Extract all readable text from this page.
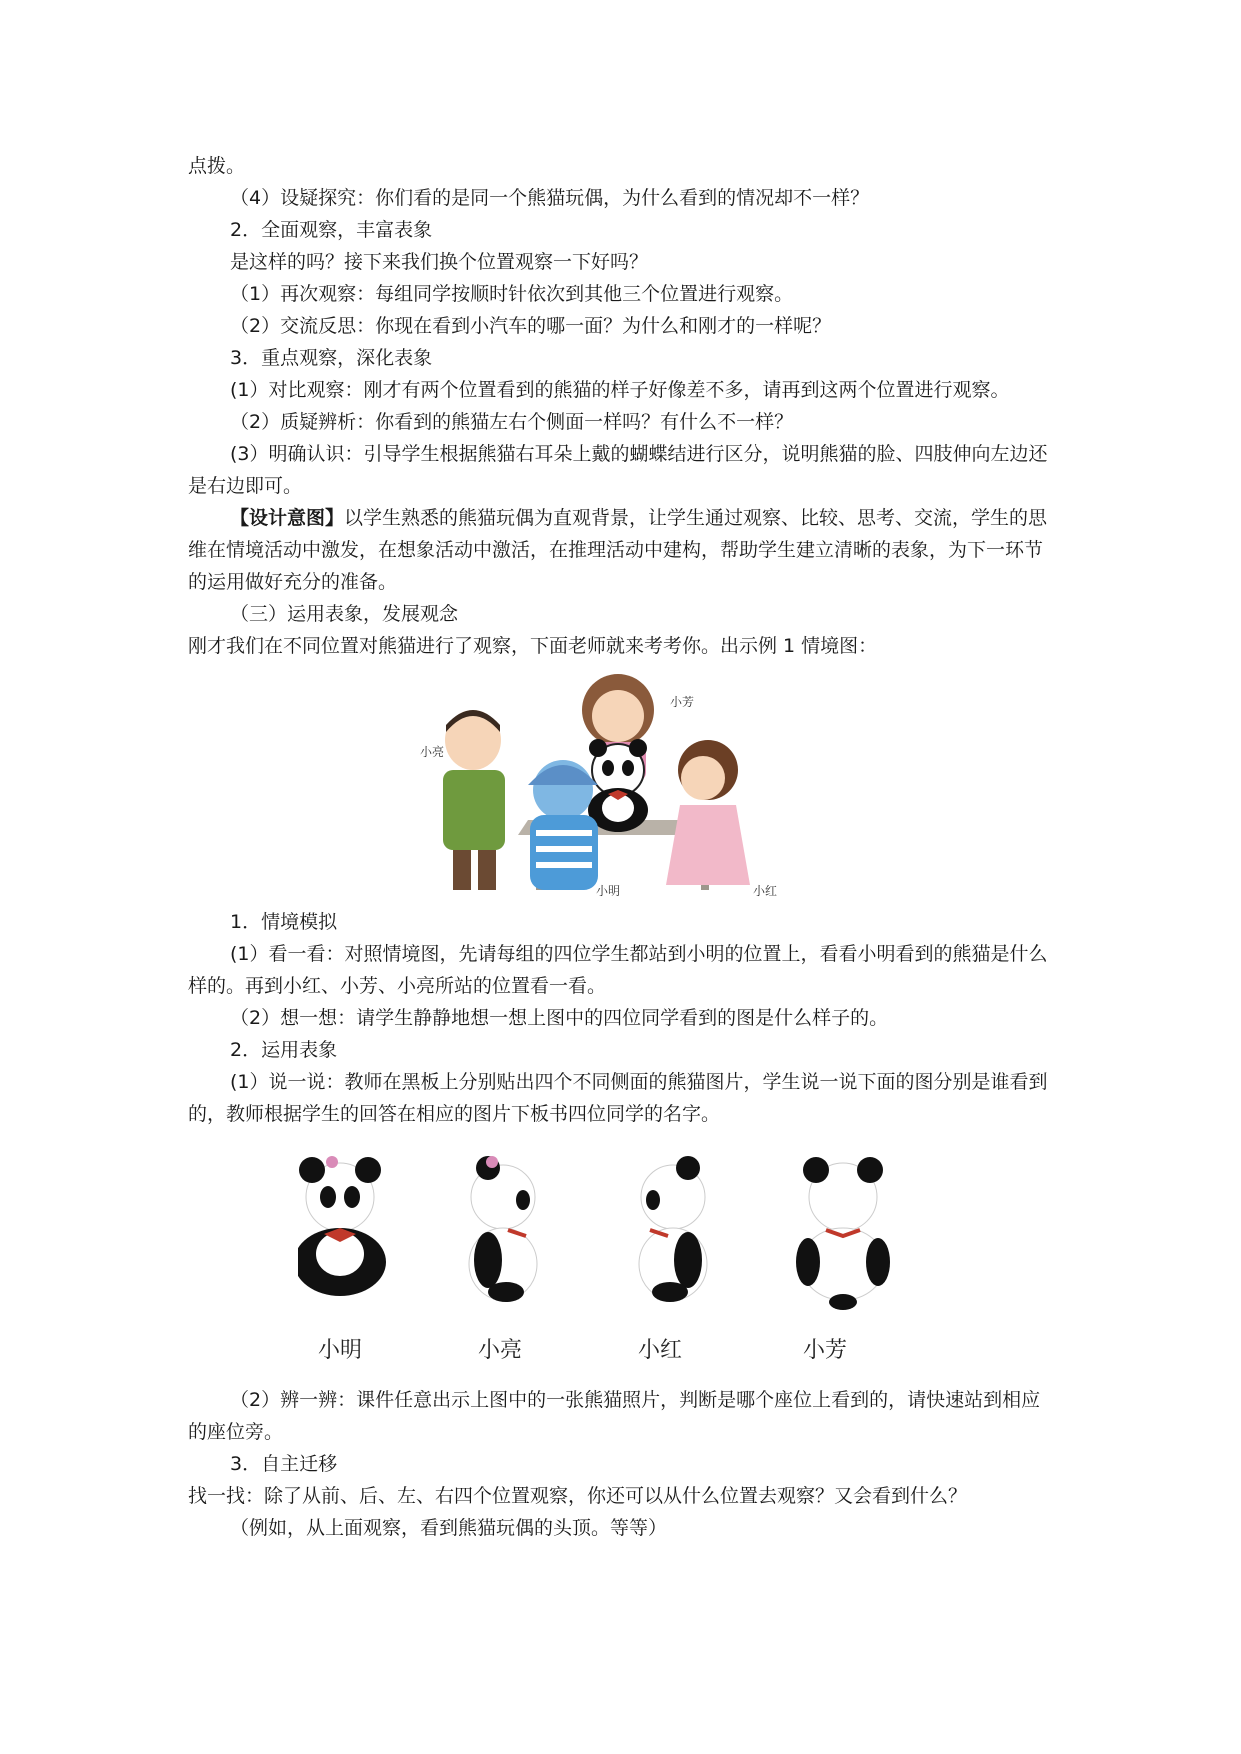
点拨。

（4）设疑探究：你们看的是同一个熊猫玩偶，为什么看到的情况却不一样？

2．全面观察，丰富表象

是这样的吗？接下来我们换个位置观察一下好吗？

（1）再次观察：每组同学按顺时针依次到其他三个位置进行观察。

（2）交流反思：你现在看到小汽车的哪一面？为什么和刚才的一样呢？

3．重点观察，深化表象

(1）对比观察：刚才有两个位置看到的熊猫的样子好像差不多，请再到这两个位置进行观察。

（2）质疑辨析：你看到的熊猫左右个侧面一样吗？有什么不一样？

(3）明确认识：引导学生根据熊猫右耳朵上戴的蝴蝶结进行区分，说明熊猫的脸、四肢伸向左边还是右边即可。

【设计意图】以学生熟悉的熊猫玩偶为直观背景，让学生通过观察、比较、思考、交流，学生的思维在情境活动中激发，在想象活动中激活，在推理活动中建构，帮助学生建立清晰的表象，为下一环节的运用做好充分的准备。

（三）运用表象，发展观念

刚才我们在不同位置对熊猫进行了观察，下面老师就来考考你。出示例 1 情境图：

小芳
小亮
小明	小红

1．情境模拟

(1）看一看：对照情境图，先请每组的四位学生都站到小明的位置上，看看小明看到的熊猫是什么样的。再到小红、小芳、小亮所站的位置看一看。

（2）想一想：请学生静静地想一想上图中的四位同学看到的图是什么样子的。

2．运用表象

(1）说一说：教师在黑板上分别贴出四个不同侧面的熊猫图片，学生说一说下面的图分别是谁看到的，教师根据学生的回答在相应的图片下板书四位同学的名字。

小明	小亮	小红	小芳

（2）辨一辨：课件任意出示上图中的一张熊猫照片，判断是哪个座位上看到的，请快速站到相应的座位旁。

3．自主迁移

找一找：除了从前、后、左、右四个位置观察，你还可以从什么位置去观察？又会看到什么？

（例如，从上面观察，看到熊猫玩偶的头顶。等等）
